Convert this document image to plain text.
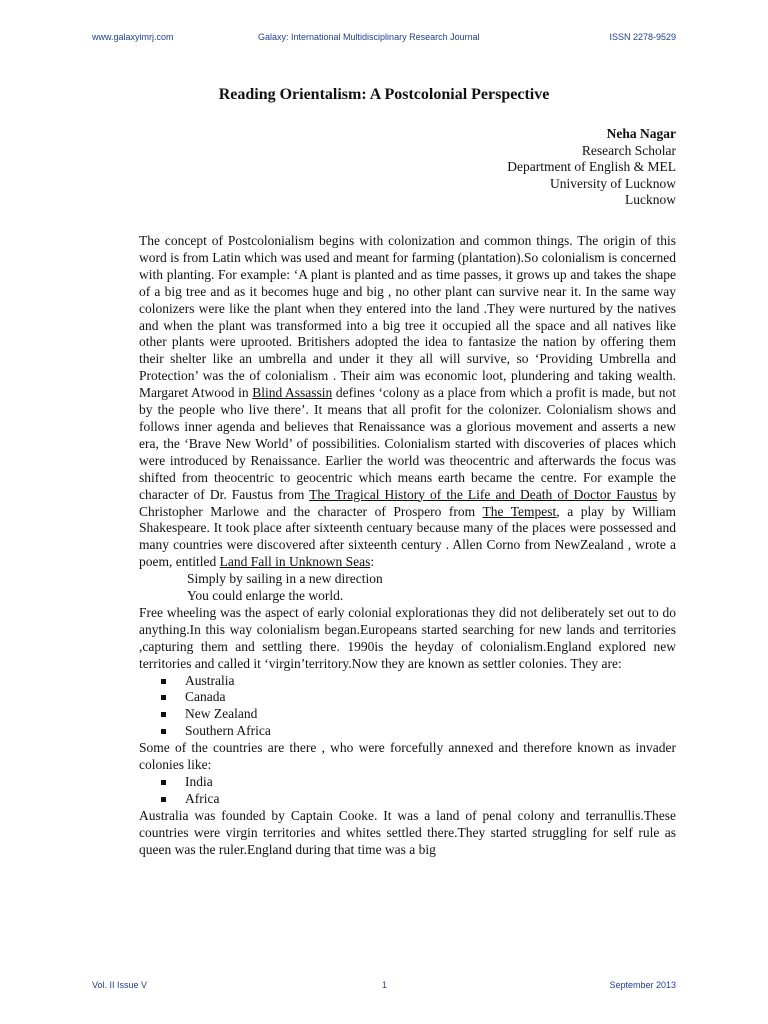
www.galaxyimrj.com	Galaxy: International Multidisciplinary Research Journal	ISSN 2278-9529
Reading Orientalism: A Postcolonial Perspective
Neha Nagar
Research Scholar
Department of English & MEL
University of Lucknow
Lucknow

The concept of Postcolonialism begins with colonization and common things. The origin of this word is from Latin which was used and meant for farming (plantation).So colonialism is concerned with planting. For example: ‘A plant is planted and as time passes, it grows up and takes the shape of a big tree and as it becomes huge and big , no other plant can survive near it. In the same way colonizers were like the plant when they entered into the land .They were nurtured by the natives and when the plant was transformed into a big tree it occupied all the space and all natives like other plants were uprooted. Britishers adopted the idea to fantasize the nation by offering them their shelter like an umbrella and under it they all will survive, so ‘Providing Umbrella and Protection’ was the of colonialism . Their aim was economic loot, plundering and taking wealth. Margaret Atwood in Blind Assassin defines ‘colony as a place from which a profit is made, but not by the people who live there’. It means that all profit for the colonizer. Colonialism shows and follows inner agenda and believes that Renaissance was a glorious movement and asserts a new era, the ‘Brave New World’ of possibilities. Colonialism started with discoveries of places which were introduced by Renaissance. Earlier the world was theocentric and afterwards the focus was shifted from theocentric to geocentric which means earth became the centre. For example the character of Dr. Faustus from The Tragical History of the Life and Death of Doctor Faustus by Christopher Marlowe and the character of Prospero from The Tempest, a play by William Shakespeare. It took place after sixteenth centuary because many of the places were possessed and many countries were discovered after sixteenth century . Allen Corno from NewZealand , wrote a poem, entitled Land Fall in Unknown Seas:

Simply by sailing in a new direction
You could enlarge the world.

Free wheeling was the aspect of early colonial explorationas they did not deliberately set out to do anything.In this way colonialism began.Europeans started searching for new lands and territories ,capturing them and settling there. 1990is the heyday of colonialism.England explored new territories and called it ‘virgin’territory.Now they are known as settler colonies. They are:

Australia
Canada
New Zealand
Southern Africa

Some of the countries are there , who were forcefully annexed and therefore known as invader colonies like:

India
Africa

Australia was founded by Captain Cooke. It was a land of penal colony and terranullis.These countries were virgin territories and whites settled there.They started struggling for self rule as queen was the ruler.England during that time was a big

Vol. II Issue V	1	September 2013
